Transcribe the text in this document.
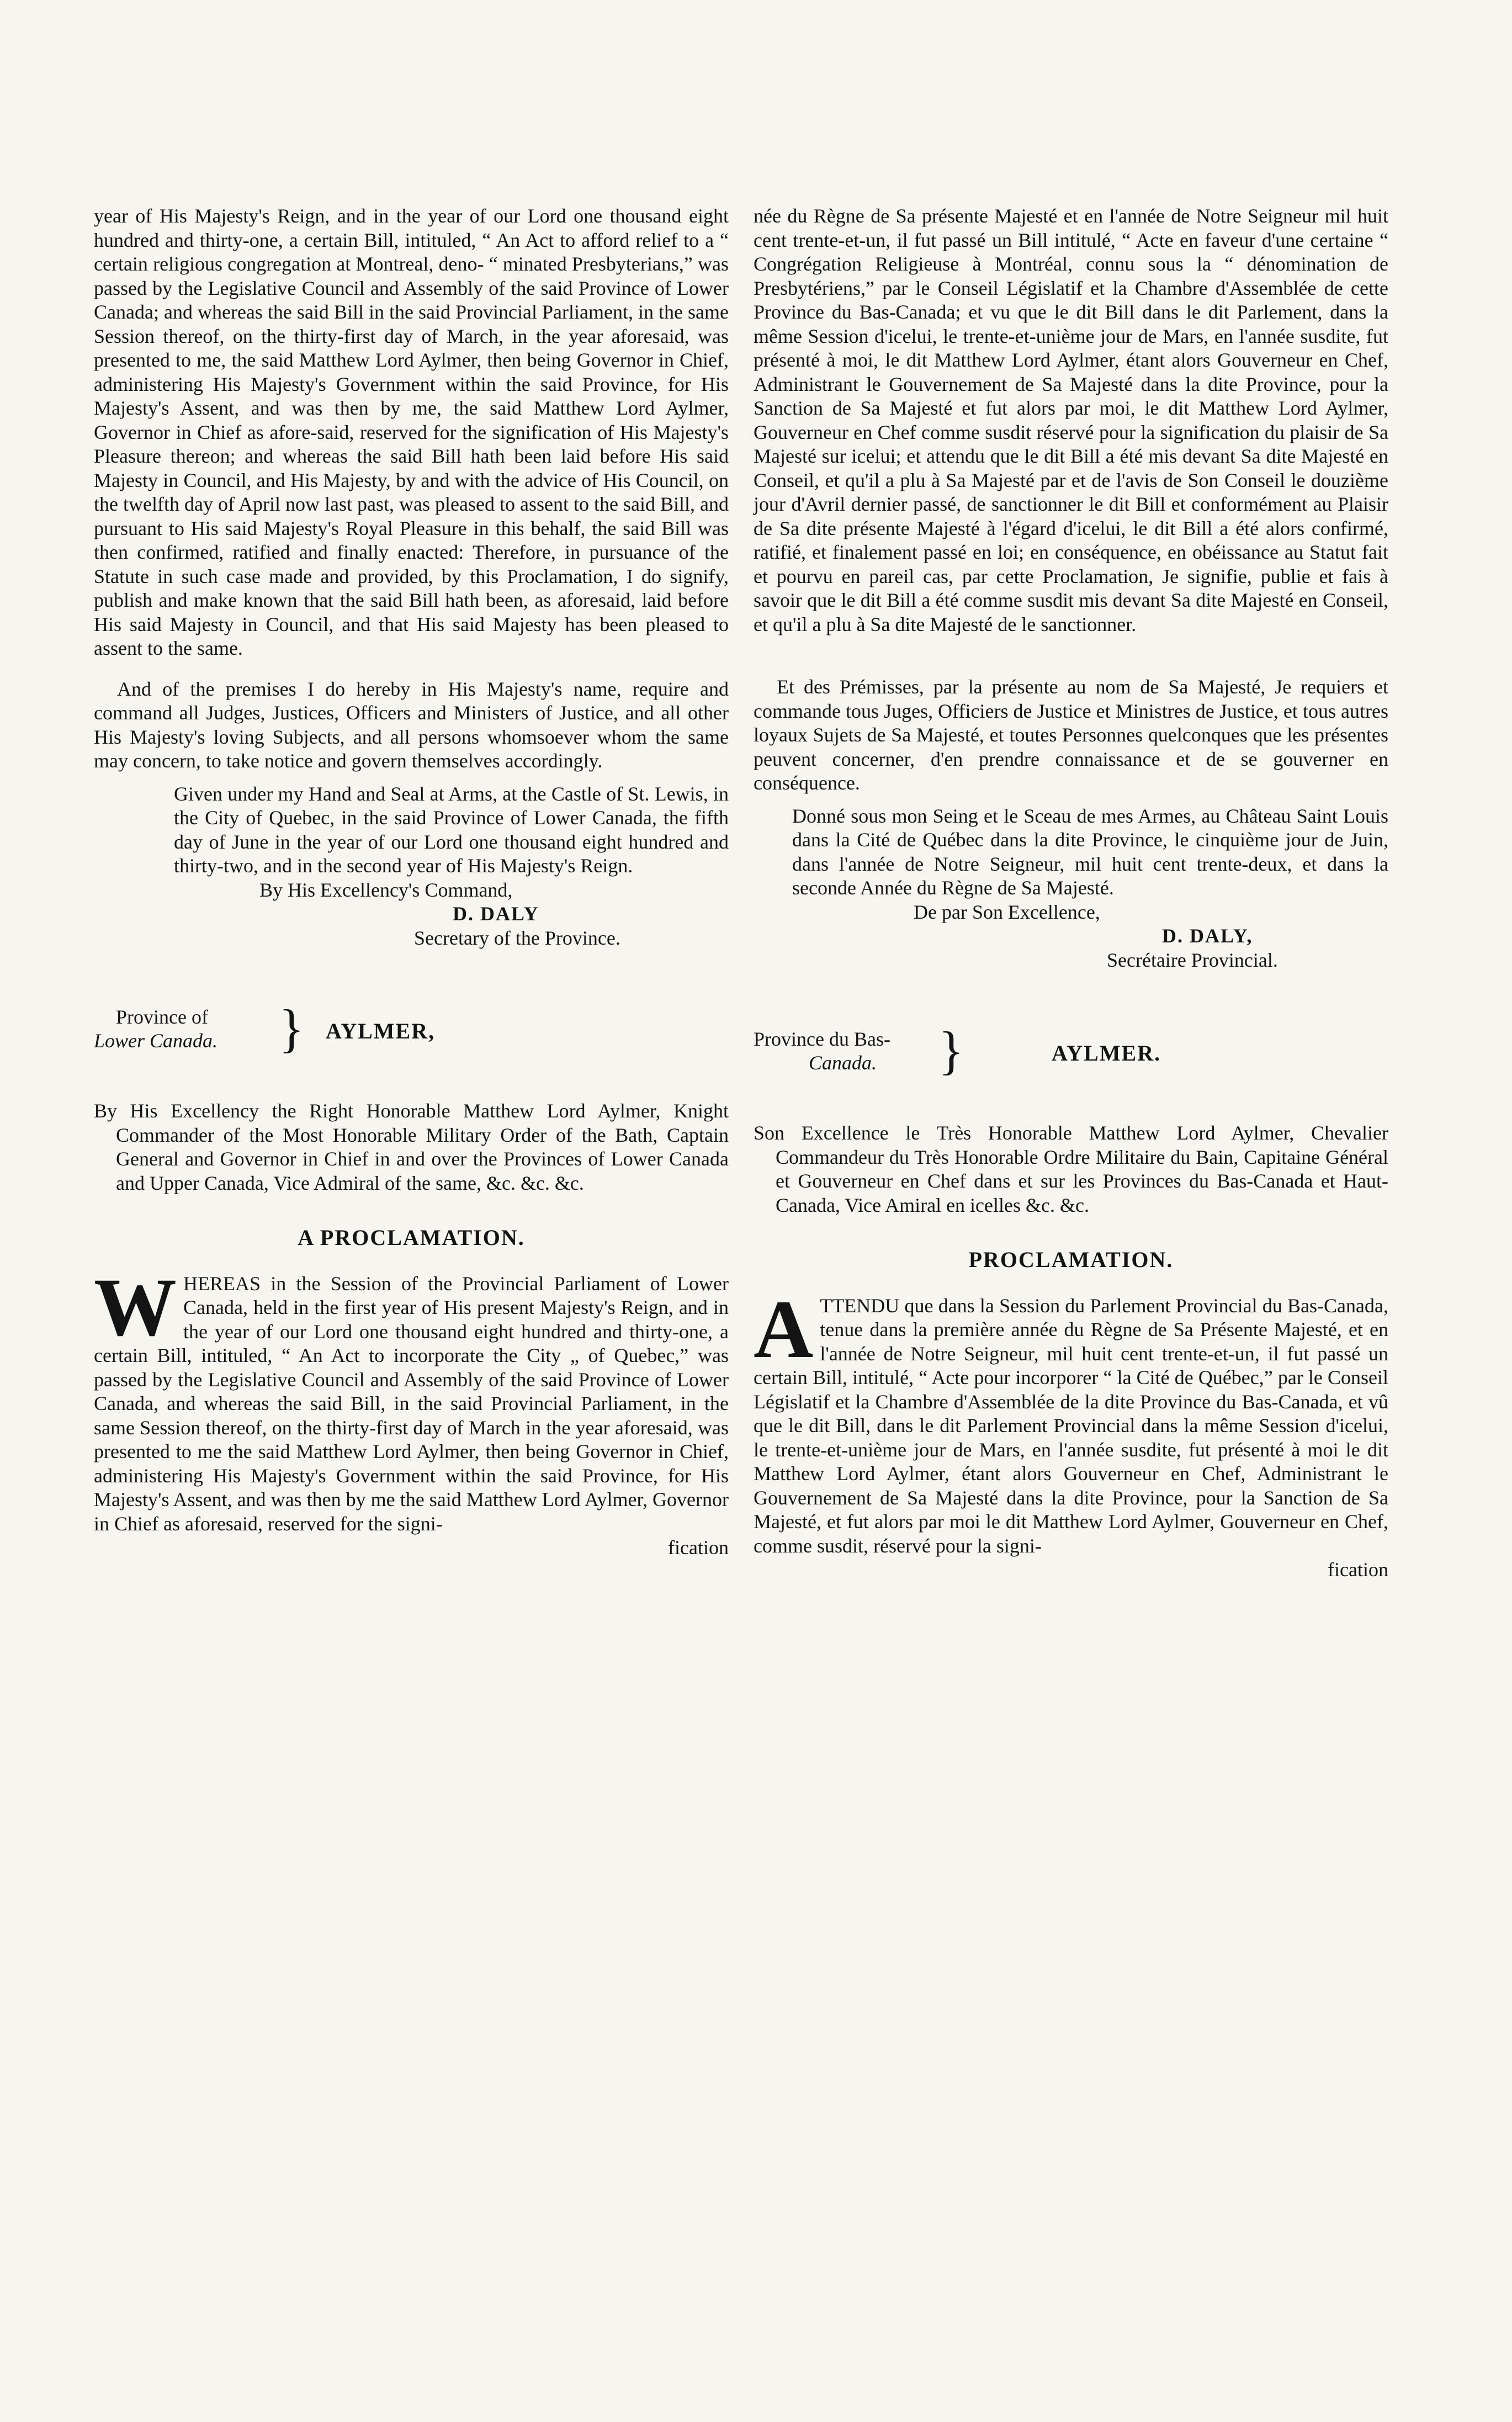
year of His Majesty's Reign, and in the year of our Lord one thousand eight hundred and thirty-one, a certain Bill, intituled, “ An Act to afford relief to a “ certain religious congregation at Montreal, deno- “ minated Presbyterians,” was passed by the Legislative Council and Assembly of the said Province of Lower Canada; and whereas the said Bill in the said Provincial Parliament, in the same Session thereof, on the thirty-first day of March, in the year aforesaid, was presented to me, the said Matthew Lord Aylmer, then being Governor in Chief, administering His Majesty's Government within the said Province, for His Majesty's Assent, and was then by me, the said Matthew Lord Aylmer, Governor in Chief as afore-said, reserved for the signification of His Majesty's Pleasure thereon; and whereas the said Bill hath been laid before His said Majesty in Council, and His Majesty, by and with the advice of His Council, on the twelfth day of April now last past, was pleased to assent to the said Bill, and pursuant to His said Majesty's Royal Pleasure in this behalf, the said Bill was then confirmed, ratified and finally enacted: Therefore, in pursuance of the Statute in such case made and provided, by this Proclamation, I do signify, publish and make known that the said Bill hath been, as aforesaid, laid before His said Majesty in Council, and that His said Majesty has been pleased to assent to the same.

And of the premises I do hereby in His Majesty's name, require and command all Judges, Justices, Officers and Ministers of Justice, and all other His Majesty's loving Subjects, and all persons whomsoever whom the same may concern, to take notice and govern themselves accordingly.

Given under my Hand and Seal at Arms, at the Castle of St. Lewis, in the City of Quebec, in the said Province of Lower Canada, the fifth day of June in the year of our Lord one thousand eight hundred and thirty-two, and in the second year of His Majesty's Reign.

By His Excellency's Command,

D. DALY

Secretary of the Province.

Province of
Lower Canada.	} AYLMER,

By His Excellency the Right Honorable Matthew Lord Aylmer, Knight Commander of the Most Honorable Military Order of the Bath, Captain General and Governor in Chief in and over the Provinces of Lower Canada and Upper Canada, Vice Admiral of the same, &c. &c. &c.

A PROCLAMATION.

WHEREAS in the Session of the Provincial Parliament of Lower Canada, held in the first year of His present Majesty's Reign, and in the year of our Lord one thousand eight hundred and thirty-one, a certain Bill, intituled, “ An Act to incorporate the City „ of Quebec,” was passed by the Legislative Council and Assembly of the said Province of Lower Canada, and whereas the said Bill, in the said Provincial Parliament, in the same Session thereof, on the thirty-first day of March in the year aforesaid, was presented to me the said Matthew Lord Aylmer, then being Governor in Chief, administering His Majesty's Government within the said Province, for His Majesty's Assent, and was then by me the said Matthew Lord Aylmer, Governor in Chief as aforesaid, reserved for the signi-

fication

née du Règne de Sa présente Majesté et en l'année de Notre Seigneur mil huit cent trente-et-un, il fut passé un Bill intitulé, “ Acte en faveur d'une certaine “ Congrégation Religieuse à Montréal, connu sous la “ dénomination de Presbytériens,” par le Conseil Législatif et la Chambre d'Assemblée de cette Province du Bas-Canada; et vu que le dit Bill dans le dit Parlement, dans la même Session d'icelui, le trente-et-unième jour de Mars, en l'année susdite, fut présenté à moi, le dit Matthew Lord Aylmer, étant alors Gouverneur en Chef, Administrant le Gouvernement de Sa Majesté dans la dite Province, pour la Sanction de Sa Majesté et fut alors par moi, le dit Matthew Lord Aylmer, Gouverneur en Chef comme susdit réservé pour la signification du plaisir de Sa Majesté sur icelui; et attendu que le dit Bill a été mis devant Sa dite Majesté en Conseil, et qu'il a plu à Sa Majesté par et de l'avis de Son Conseil le douzième jour d'Avril dernier passé, de sanctionner le dit Bill et conformément au Plaisir de Sa dite présente Majesté à l'égard d'icelui, le dit Bill a été alors confirmé, ratifié, et finalement passé en loi; en conséquence, en obéissance au Statut fait et pourvu en pareil cas, par cette Proclamation, Je signifie, publie et fais à savoir que le dit Bill a été comme susdit mis devant Sa dite Majesté en Conseil, et qu'il a plu à Sa dite Majesté de le sanctionner.

Et des Prémisses, par la présente au nom de Sa Majesté, Je requiers et commande tous Juges, Officiers de Justice et Ministres de Justice, et tous autres loyaux Sujets de Sa Majesté, et toutes Personnes quelconques que les présentes peuvent concerner, d'en prendre connaissance et de se gouverner en conséquence.

Donné sous mon Seing et le Sceau de mes Armes, au Château Saint Louis dans la Cité de Québec dans la dite Province, le cinquième jour de Juin, dans l'année de Notre Seigneur, mil huit cent trente-deux, et dans la seconde Année du Règne de Sa Majesté.

De par Son Excellence,

D. DALY,

Secrétaire Provincial.

Province du Bas-
Canada.	}	AYLMER.

Son Excellence le Très Honorable Matthew Lord Aylmer, Chevalier Commandeur du Très Honorable Ordre Militaire du Bain, Capitaine Général et Gouverneur en Chef dans et sur les Provinces du Bas-Canada et Haut-Canada, Vice Amiral en icelles &c. &c.

PROCLAMATION.

ATTENDU que dans la Session du Parlement Provincial du Bas-Canada, tenue dans la première année du Règne de Sa Présente Majesté, et en l'année de Notre Seigneur, mil huit cent trente-et-un, il fut passé un certain Bill, intitulé, “ Acte pour incorporer “ la Cité de Québec,” par le Conseil Législatif et la Chambre d'Assemblée de la dite Province du Bas-Canada, et vû que le dit Bill, dans le dit Parlement Provincial dans la même Session d'icelui, le trente-et-unième jour de Mars, en l'année susdite, fut présenté à moi le dit Matthew Lord Aylmer, étant alors Gouverneur en Chef, Administrant le Gouvernement de Sa Majesté dans la dite Province, pour la Sanction de Sa Majesté, et fut alors par moi le dit Matthew Lord Aylmer, Gouverneur en Chef, comme susdit, réservé pour la signi-

fication
